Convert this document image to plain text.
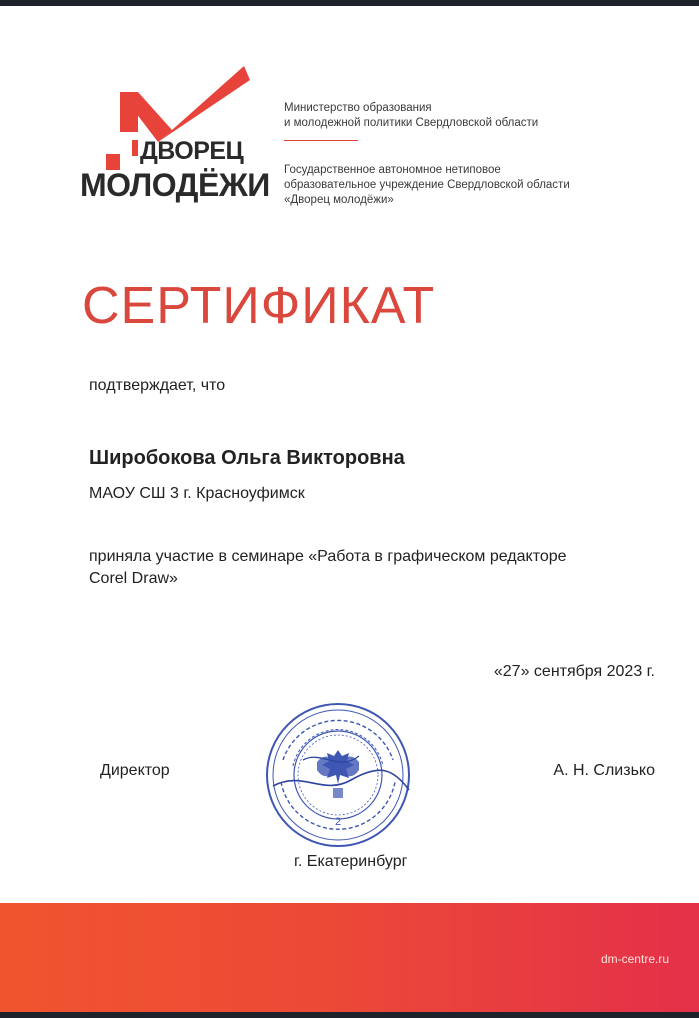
ДВОРЕЦ
МОЛОДЁЖИ
Министерство образования
и молодежной политики Свердловской области
Государственное автономное нетиповое
образовательное учреждение Свердловской области
«Дворец молодёжи»
СЕРТИФИКАТ
подтверждает, что
Широбокова Ольга Викторовна
МАОУ СШ 3 г. Красноуфимск
приняла участие в семинаре «Работа в графическом редакторе
Corel Draw»
«27» сентября 2023 г.
Директор	А. Н. Слизько
2
г. Екатеринбург
dm-centre.ru
